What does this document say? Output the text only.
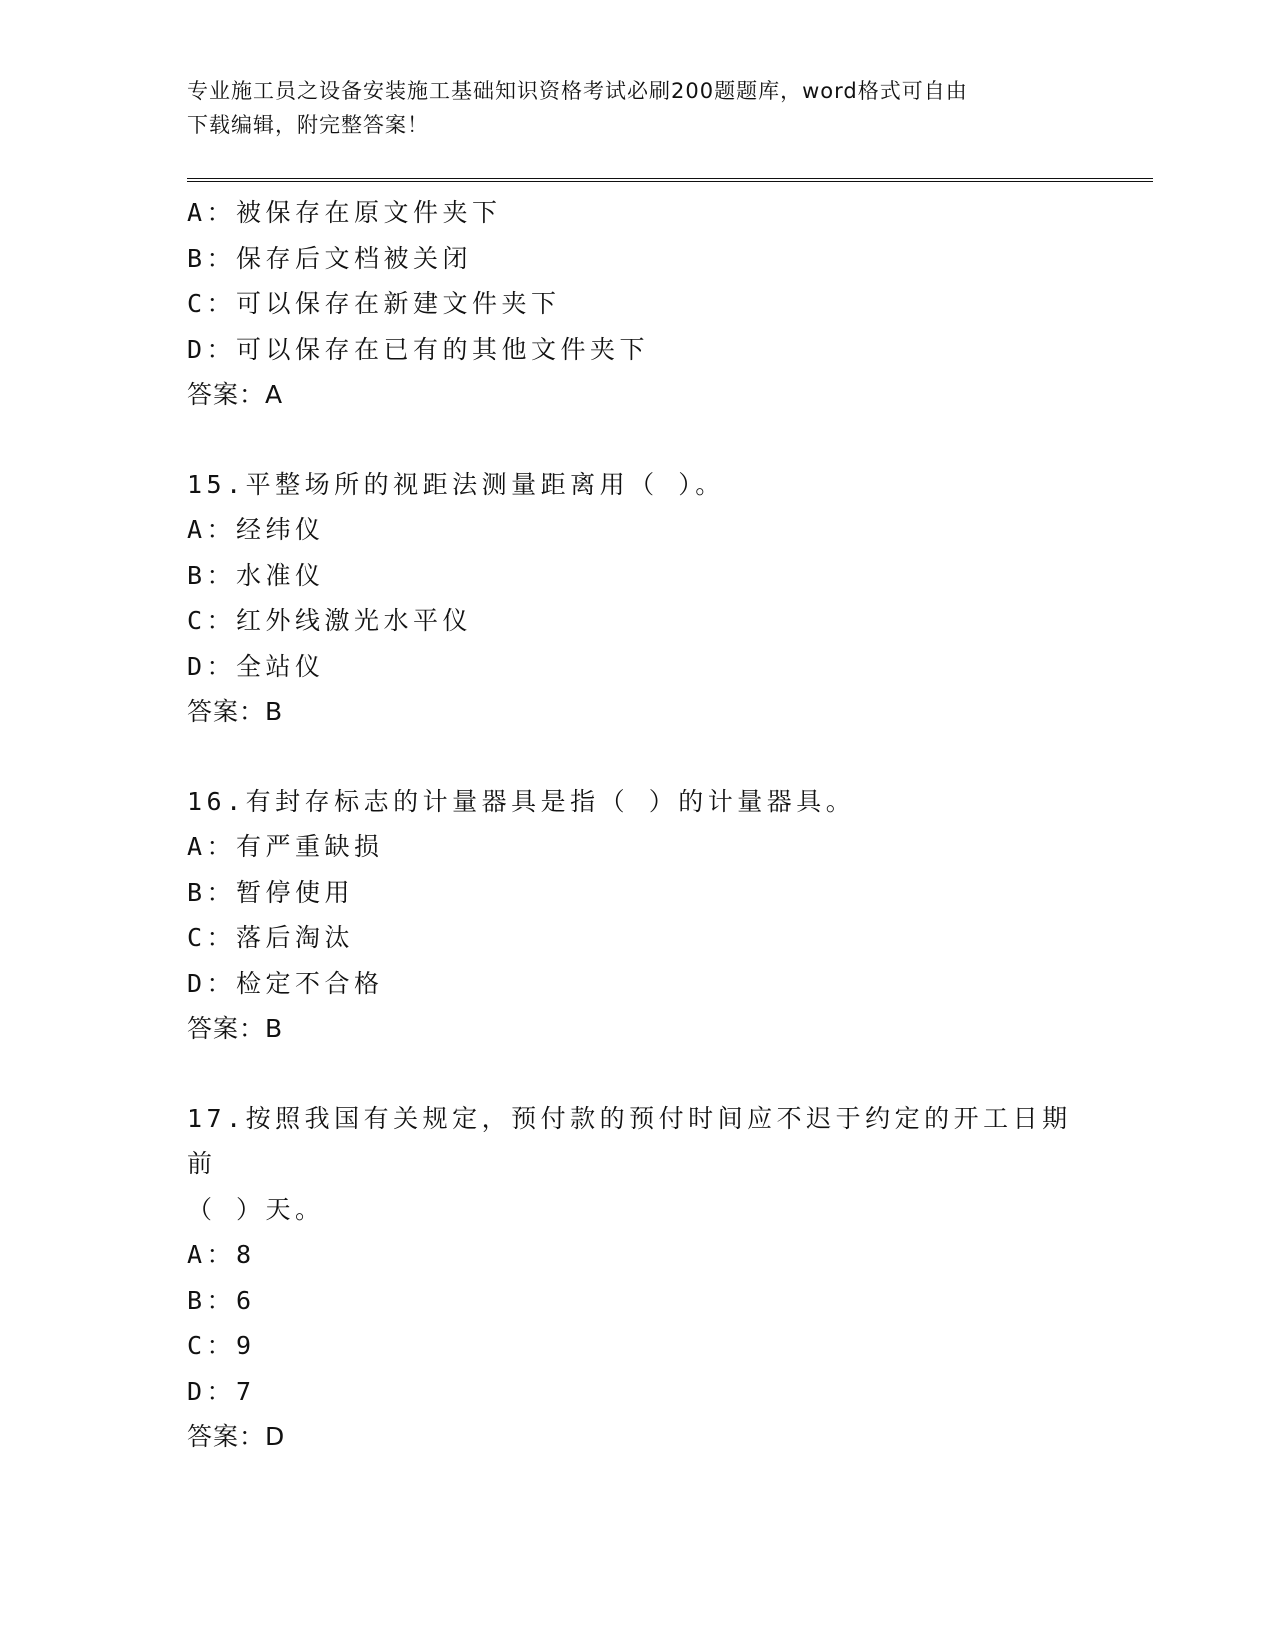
专业施工员之设备安装施工基础知识资格考试必刷200题题库，word格式可自由
下载编辑，附完整答案！
A：被保存在原文件夹下
B：保存后文档被关闭
C：可以保存在新建文件夹下
D：可以保存在已有的其他文件夹下
答案：A
15.平整场所的视距法测量距离用（ ）。
A：经纬仪
B：水准仪
C：红外线激光水平仪
D：全站仪
答案：B
16.有封存标志的计量器具是指（ ）的计量器具。
A：有严重缺损
B：暂停使用
C：落后淘汰
D：检定不合格
答案：B
17.按照我国有关规定，预付款的预付时间应不迟于约定的开工日期前
（ ）天。
A：8
B：6
C：9
D：7
答案：D
